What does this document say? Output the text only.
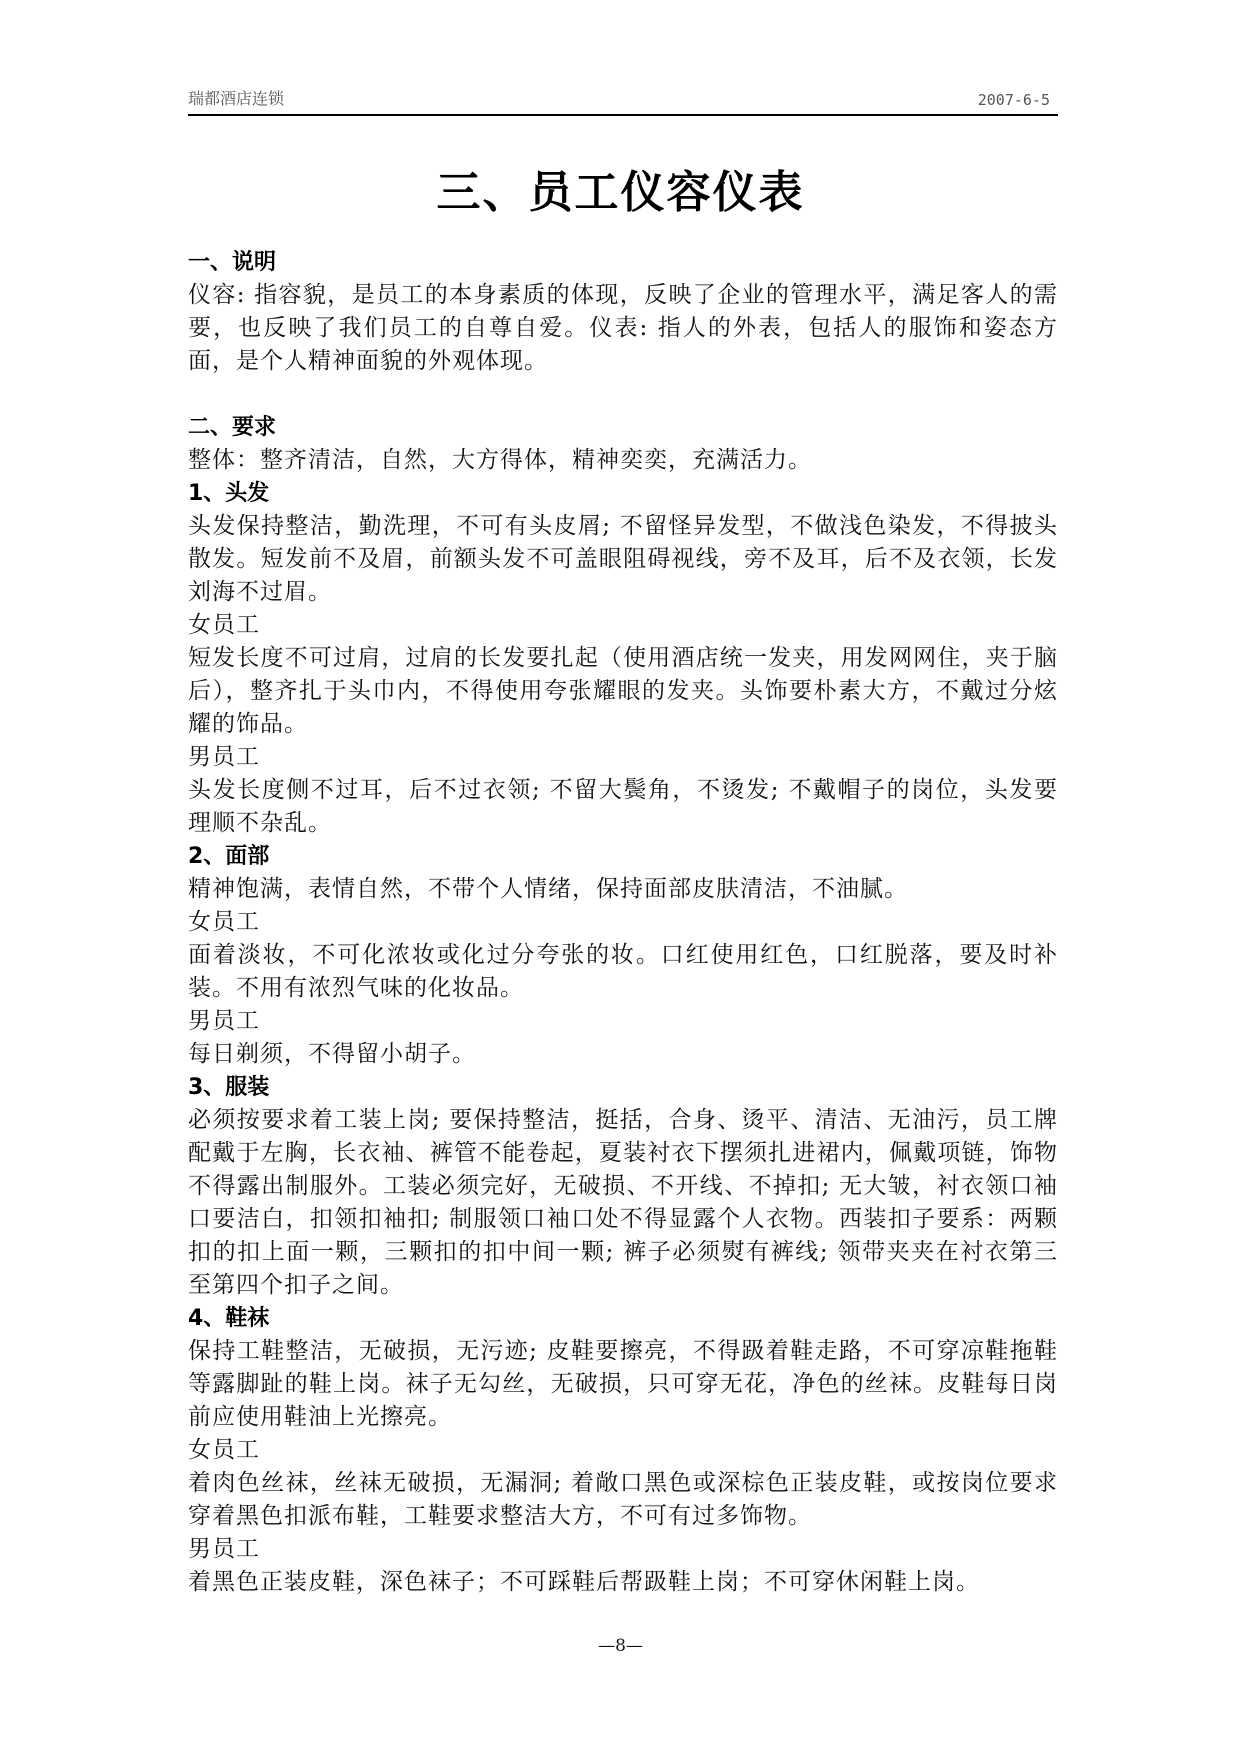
瑞都酒店连锁	2007-6-5
三、员工仪容仪表
一、说明
仪容: 指容貌，是员工的本身素质的体现，反映了企业的管理水平，满足客人的需要，也反映了我们员工的自尊自爱。仪表: 指人的外表，包括人的服饰和姿态方面，是个人精神面貌的外观体现。
二、要求
整体：整齐清洁，自然，大方得体，精神奕奕，充满活力。
1、头发
头发保持整洁，勤洗理，不可有头皮屑; 不留怪异发型，不做浅色染发，不得披头散发。短发前不及眉，前额头发不可盖眼阻碍视线，旁不及耳，后不及衣领，长发刘海不过眉。
女员工
短发长度不可过肩，过肩的长发要扎起（使用酒店统一发夹，用发网网住，夹于脑后），整齐扎于头巾内，不得使用夸张耀眼的发夹。头饰要朴素大方，不戴过分炫耀的饰品。
男员工
头发长度侧不过耳，后不过衣领; 不留大鬓角，不烫发; 不戴帽子的岗位，头发要理顺不杂乱。
2、面部
精神饱满，表情自然，不带个人情绪，保持面部皮肤清洁，不油腻。
女员工
面着淡妆，不可化浓妆或化过分夸张的妆。口红使用红色，口红脱落，要及时补装。不用有浓烈气味的化妆品。
男员工
每日剃须，不得留小胡子。
3、服装
必须按要求着工装上岗; 要保持整洁，挺括，合身、烫平、清洁、无油污，员工牌配戴于左胸，长衣袖、裤管不能卷起，夏装衬衣下摆须扎进裙内，佩戴项链，饰物不得露出制服外。工装必须完好，无破损、不开线、不掉扣; 无大皱，衬衣领口袖口要洁白，扣领扣袖扣; 制服领口袖口处不得显露个人衣物。西装扣子要系：两颗扣的扣上面一颗，三颗扣的扣中间一颗; 裤子必须熨有裤线; 领带夹夹在衬衣第三至第四个扣子之间。
4、鞋袜
保持工鞋整洁，无破损，无污迹; 皮鞋要擦亮，不得趿着鞋走路，不可穿凉鞋拖鞋等露脚趾的鞋上岗。袜子无勾丝，无破损，只可穿无花，净色的丝袜。皮鞋每日岗前应使用鞋油上光擦亮。
女员工
着肉色丝袜，丝袜无破损，无漏洞; 着敞口黑色或深棕色正装皮鞋，或按岗位要求穿着黑色扣派布鞋，工鞋要求整洁大方，不可有过多饰物。
男员工
着黑色正装皮鞋，深色袜子；不可踩鞋后帮趿鞋上岗；不可穿休闲鞋上岗。
—8—
